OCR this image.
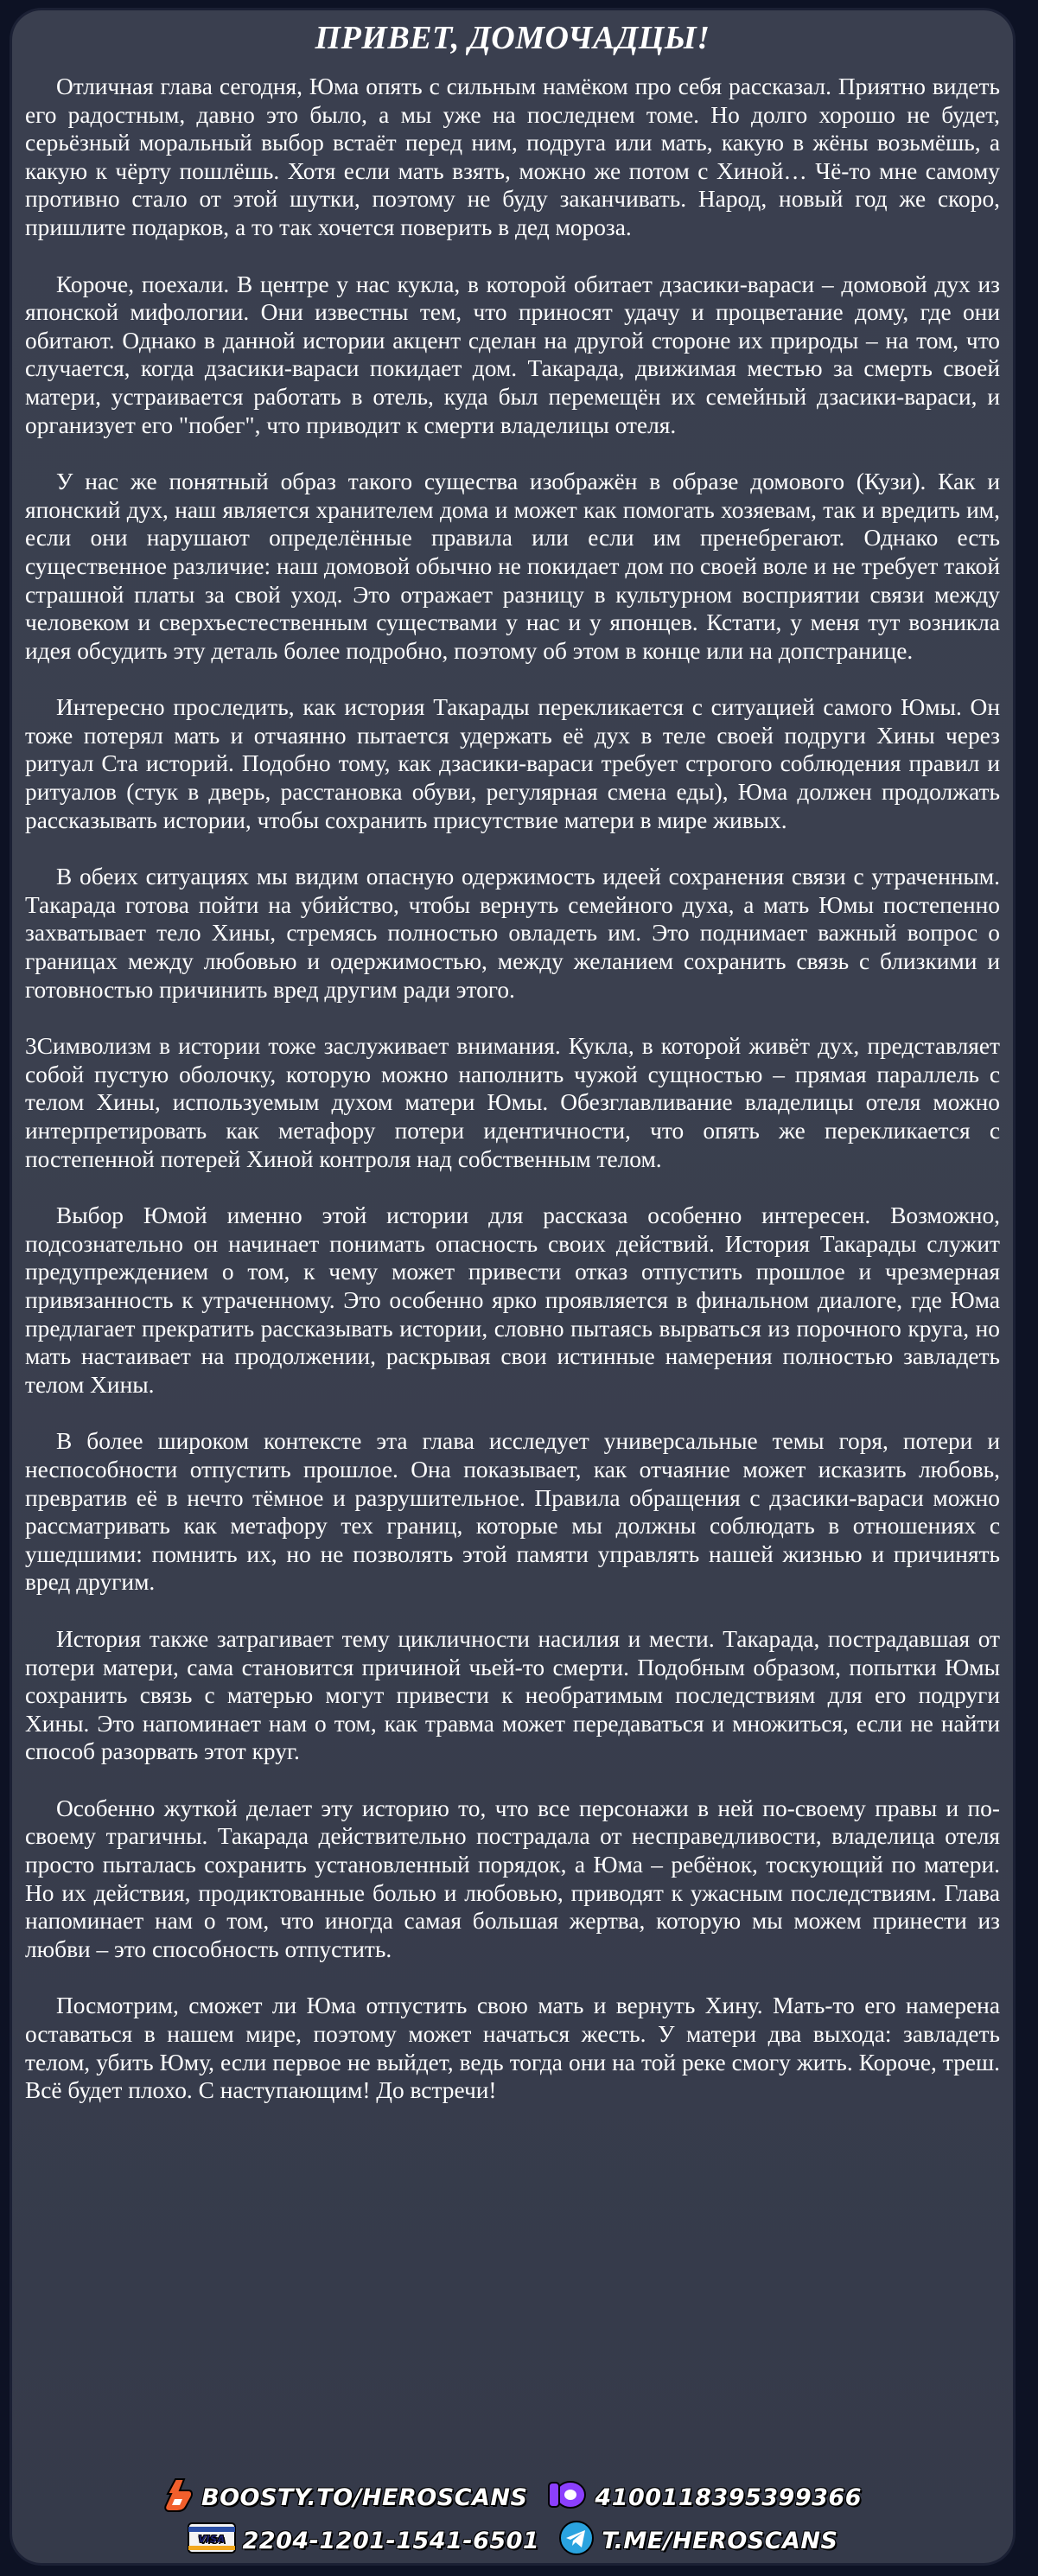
ПРИВЕТ, ДОМОЧАДЦЫ!

Отличная глава сегодня, Юма опять с сильным намёком про себя рассказал. Приятно видеть его радостным, давно это было, а мы уже на последнем томе. Но долго хорошо не будет, серьёзный моральный выбор встаёт перед ним, подруга или мать, какую в жёны возьмёшь, а какую к чёрту пошлёшь. Хотя если мать взять, можно же потом с Хиной… Чё-то мне самому противно стало от этой шутки, поэтому не буду заканчивать. Народ, новый год же скоро, пришлите подарков, а то так хочется поверить в дед мороза.

Короче, поехали. В центре у нас кукла, в которой обитает дзасики-вараси – домовой дух из японской мифологии. Они известны тем, что приносят удачу и процветание дому, где они обитают. Однако в данной истории акцент сделан на другой стороне их природы – на том, что случается, когда дзасики-вараси покидает дом. Такарада, движимая местью за смерть своей матери, устраивается работать в отель, куда был перемещён их семейный дзасики-вараси, и организует его "побег", что приводит к смерти владелицы отеля.

У нас же понятный образ такого существа изображён в образе домового (Кузи). Как и японский дух, наш является хранителем дома и может как помогать хозяевам, так и вредить им, если они нарушают определённые правила или если им пренебрегают. Однако есть существенное различие: наш домовой обычно не покидает дом по своей воле и не требует такой страшной платы за свой уход. Это отражает разницу в культурном восприятии связи между человеком и сверхъестественным существами у нас и у японцев. Кстати, у меня тут возникла идея обсудить эту деталь более подробно, поэтому об этом в конце или на допстранице.

Интересно проследить, как история Такарады перекликается с ситуацией самого Юмы. Он тоже потерял мать и отчаянно пытается удержать её дух в теле своей подруги Хины через ритуал Ста историй. Подобно тому, как дзасики-вараси требует строгого соблюдения правил и ритуалов (стук в дверь, расстановка обуви, регулярная смена еды), Юма должен продолжать рассказывать истории, чтобы сохранить присутствие матери в мире живых.

В обеих ситуациях мы видим опасную одержимость идеей сохранения связи с утраченным. Такарада готова пойти на убийство, чтобы вернуть семейного духа, а мать Юмы постепенно захватывает тело Хины, стремясь полностью овладеть им. Это поднимает важный вопрос о границах между любовью и одержимостью, между желанием сохранить связь с близкими и готовностью причинить вред другим ради этого.

3Символизм в истории тоже заслуживает внимания. Кукла, в которой живёт дух, представляет собой пустую оболочку, которую можно наполнить чужой сущностью – прямая параллель с телом Хины, используемым духом матери Юмы. Обезглавливание владелицы отеля можно интерпретировать как метафору потери идентичности, что опять же перекликается с постепенной потерей Хиной контроля над собственным телом.

Выбор Юмой именно этой истории для рассказа особенно интересен. Возможно, подсознательно он начинает понимать опасность своих действий. История Такарады служит предупреждением о том, к чему может привести отказ отпустить прошлое и чрезмерная привязанность к утраченному. Это особенно ярко проявляется в финальном диалоге, где Юма предлагает прекратить рассказывать истории, словно пытаясь вырваться из порочного круга, но мать настаивает на продолжении, раскрывая свои истинные намерения полностью завладеть телом Хины.

В более широком контексте эта глава исследует универсальные темы горя, потери и неспособности отпустить прошлое. Она показывает, как отчаяние может исказить любовь, превратив её в нечто тёмное и разрушительное. Правила обращения с дзасики-вараси можно рассматривать как метафору тех границ, которые мы должны соблюдать в отношениях с ушедшими: помнить их, но не позволять этой памяти управлять нашей жизнью и причинять вред другим.

История также затрагивает тему цикличности насилия и мести. Такарада, пострадавшая от потери матери, сама становится причиной чьей-то смерти. Подобным образом, попытки Юмы сохранить связь с матерью могут привести к необратимым последствиям для его подруги Хины. Это напоминает нам о том, как травма может передаваться и множиться, если не найти способ разорвать этот круг.

Особенно жуткой делает эту историю то, что все персонажи в ней по-своему правы и по-своему трагичны. Такарада действительно пострадала от несправедливости, владелица отеля просто пыталась сохранить установленный порядок, а Юма – ребёнок, тоскующий по матери. Но их действия, продиктованные болью и любовью, приводят к ужасным последствиям. Глава напоминает нам о том, что иногда самая большая жертва, которую мы можем принести из любви – это способность отпустить.

Посмотрим, сможет ли Юма отпустить свою мать и вернуть Хину. Мать-то его намерена оставаться в нашем мире, поэтому может начаться жесть. У матери два выхода: завладеть телом, убить Юму, если первое не выйдет, ведь тогда они на той реке смогу жить. Короче, треш. Всё будет плохо. С наступающим! До встречи!

BOOSTY.TO/HEROSCANS	4100118395399366
VISA 2204-1201-1541-6501	T.ME/HEROSCANS
